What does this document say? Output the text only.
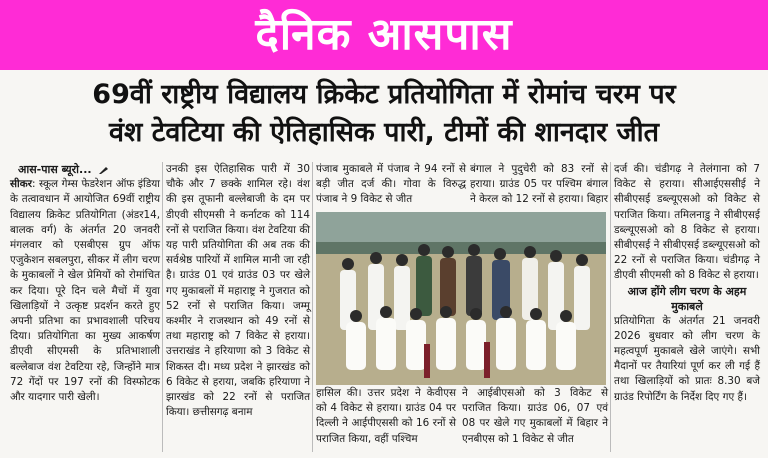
दैनिक आसपास
69वीं राष्ट्रीय विद्यालय क्रिकेट प्रतियोगिता में रोमांच चरम पर
वंश टेवटिया की ऐतिहासिक पारी, टीमों की शानदार जीत
आस-पास ब्यूरो...

सीकर: स्कूल गेम्स फेडरेशन ऑफ इंडिया के तत्वावधान में आयोजित 69वीं राष्ट्रीय विद्यालय क्रिकेट प्रतियोगिता (अंडर14, बालक वर्ग) के अंतर्गत 20 जनवरी मंगलवार को एसबीएस ग्रुप ऑफ एजुकेशन सबलपुरा, सीकर में लीग चरण के मुकाबलों ने खेल प्रेमियों को रोमांचित कर दिया। पूरे दिन चले मैचों में युवा खिलाड़ियों ने उत्कृष्ट प्रदर्शन करते हुए अपनी प्रतिभा का प्रभावशाली परिचय दिया। प्रतियोगिता का मुख्य आकर्षण डीएवी सीएमसी के प्रतिभाशाली बल्लेबाज वंश टेवटिया रहे, जिन्होंने मात्र 72 गेंदों पर 197 रनों की विस्फोटक और यादगार पारी खेली।

उनकी इस ऐतिहासिक पारी में 30 चौके और 7 छक्के शामिल रहे। वंश की इस तूफानी बल्लेबाजी के दम पर डीएवी सीएमसी ने कर्नाटक को 114 रनों से पराजित किया। वंश टेवटिया की यह पारी प्रतियोगिता की अब तक की सर्वश्रेष्ठ पारियों में शामिल मानी जा रही है। ग्राउंड 01 एवं ग्राउंड 03 पर खेले गए मुकाबलों में महाराष्ट्र ने गुजरात को 52 रनों से पराजित किया। जम्मू कश्मीर ने राजस्थान को 49 रनों से तथा महाराष्ट्र को 7 विकेट से हराया। उत्तराखंड ने हरियाणा को 3 विकेट से शिकस्त दी। मध्य प्रदेश ने झारखंड को 6 विकेट से हराया, जबकि हरियाणा ने झारखंड को 22 रनों से पराजित किया। छत्तीसगढ़ बनाम

पंजाब मुकाबले में पंजाब ने 94 रनों से बड़ी जीत दर्ज की। गोवा के विरुद्ध पंजाब ने 9 विकेट से जीत

बंगाल ने पुदुचेरी को 83 रनों से हराया। ग्राउंड 05 पर पश्चिम बंगाल ने केरल को 12 रनों से हराया। बिहार

हासिल की। उत्तर प्रदेश ने केवीएस को 4 विकेट से हराया। ग्राउंड 04 पर दिल्ली ने आईपीएससी को 16 रनों से पराजित किया, वहीं पश्चिम

ने आईबीएसओ को 3 विकेट से पराजित किया। ग्राउंड 06, 07 एवं 08 पर खेले गए मुकाबलों में बिहार ने एनबीएस को 1 विकेट से जीत

दर्ज की। चंडीगढ़ ने तेलंगाना को 7 विकेट से हराया। सीआईएससीई ने सीबीएसई डब्ल्यूएसओ को विकेट से पराजित किया। तमिलनाडु ने सीबीएसई डब्ल्यूएसओ को 8 विकेट से हराया। सीबीएसई ने सीबीएसई डब्ल्यूएसओ को 22 रनों से पराजित किया। चंडीगढ़ ने डीएवी सीएमसी को 8 विकेट से हराया।

आज होंगे लीग चरण के अहम मुकाबले

प्रतियोगिता के अंतर्गत 21 जनवरी 2026 बुधवार को लीग चरण के महत्वपूर्ण मुकाबले खेले जाएंगे। सभी मैदानों पर तैयारियां पूर्ण कर ली गई हैं तथा खिलाड़ियों को प्रातः 8.30 बजे ग्राउंड रिपोर्टिंग के निर्देश दिए गए हैं।
